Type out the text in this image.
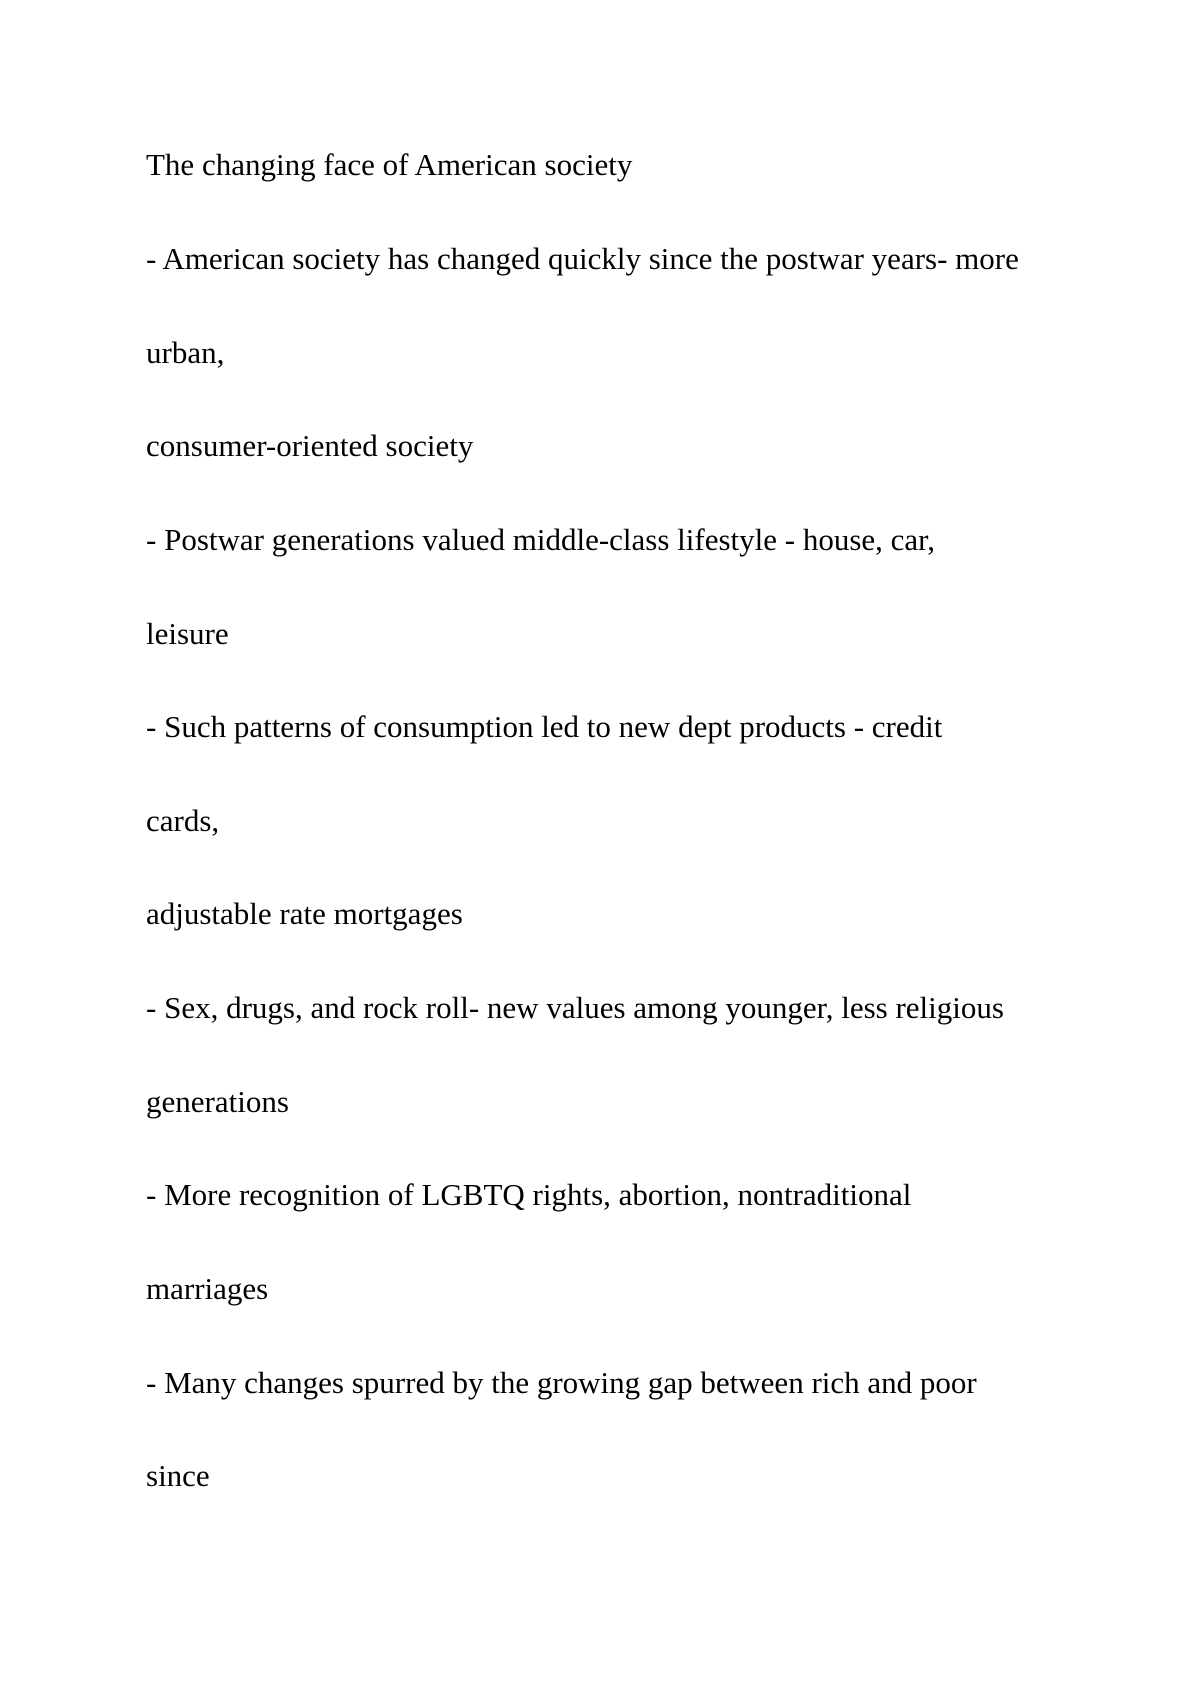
The changing face of American society

- American society has changed quickly since the postwar years- more

urban,

consumer-oriented society

- Postwar generations valued middle-class lifestyle - house, car,

leisure

- Such patterns of consumption led to new dept products - credit

cards,

adjustable rate mortgages

- Sex, drugs, and rock roll- new values among younger, less religious

generations

- More recognition of LGBTQ rights, abortion, nontraditional

marriages

- Many changes spurred by the growing gap between rich and poor

since
